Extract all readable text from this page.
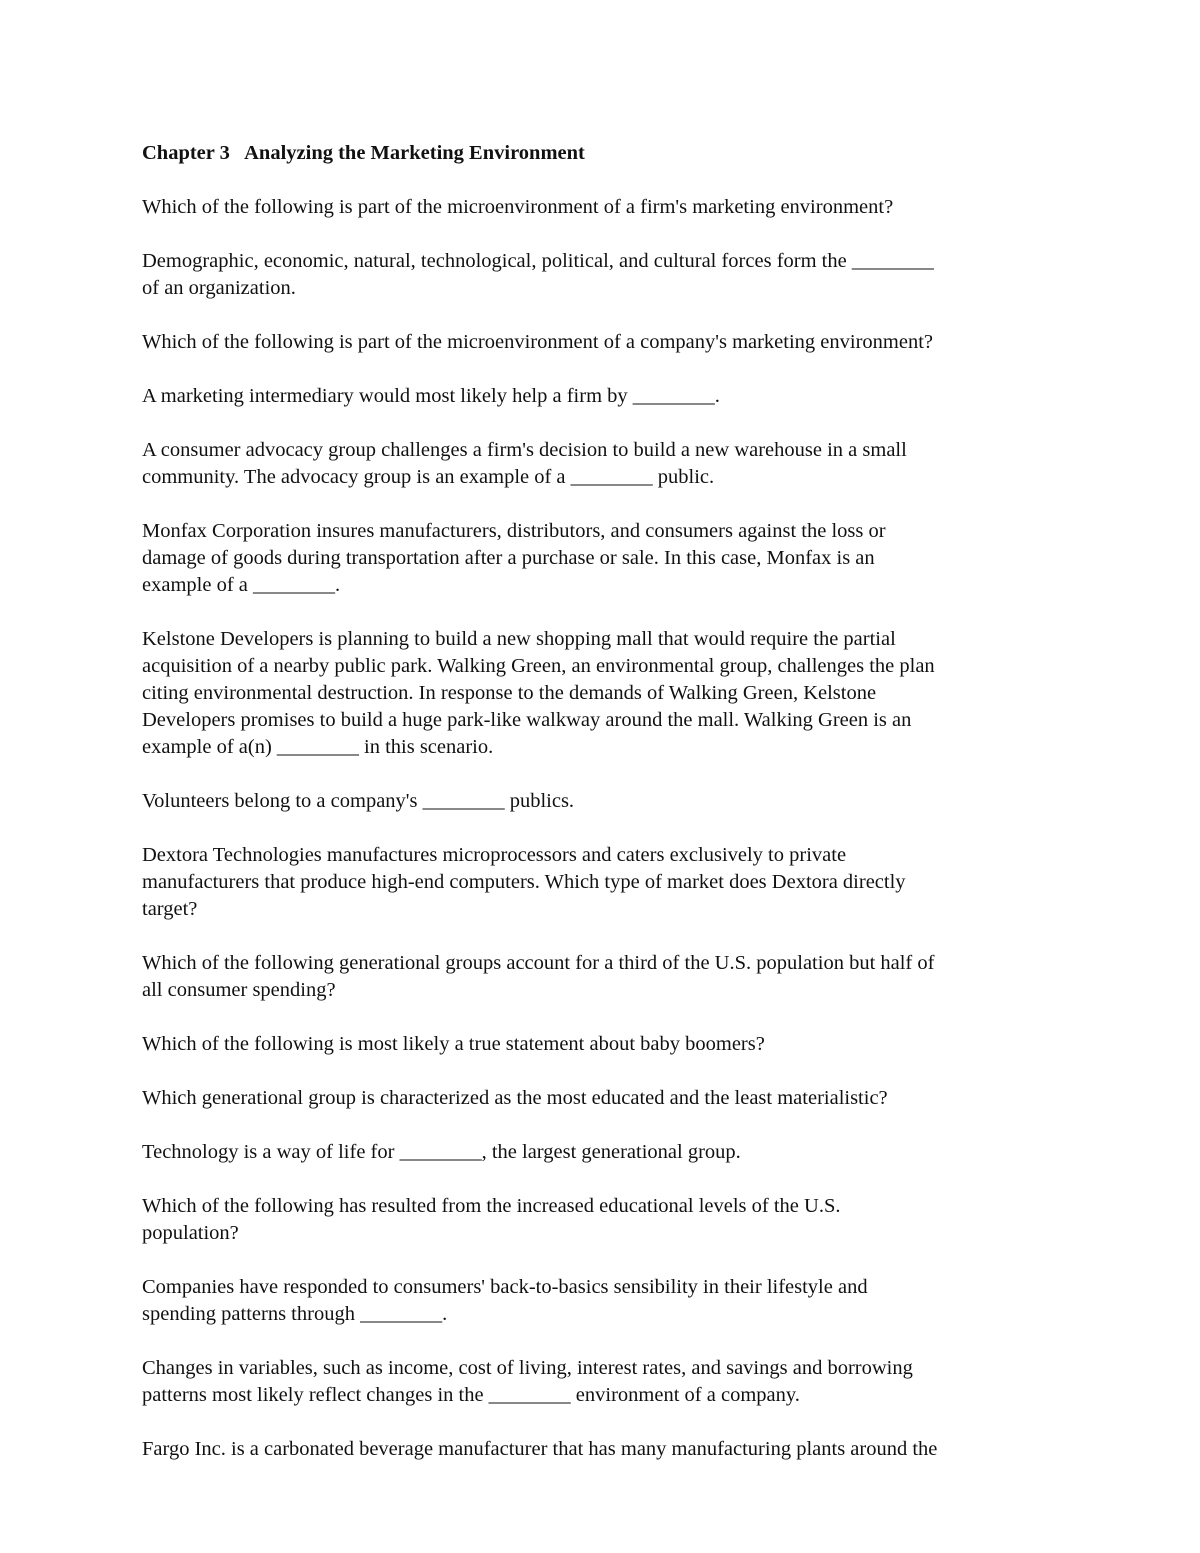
Chapter 3   Analyzing the Marketing Environment
Which of the following is part of the microenvironment of a firm's marketing environment?
Demographic, economic, natural, technological, political, and cultural forces form the ________
of an organization.
Which of the following is part of the microenvironment of a company's marketing environment?
A marketing intermediary would most likely help a firm by ________.
A consumer advocacy group challenges a firm's decision to build a new warehouse in a small
community. The advocacy group is an example of a ________ public.
Monfax Corporation insures manufacturers, distributors, and consumers against the loss or
damage of goods during transportation after a purchase or sale. In this case, Monfax is an
example of a ________.
Kelstone Developers is planning to build a new shopping mall that would require the partial
acquisition of a nearby public park. Walking Green, an environmental group, challenges the plan
citing environmental destruction. In response to the demands of Walking Green, Kelstone
Developers promises to build a huge park-like walkway around the mall. Walking Green is an
example of a(n) ________ in this scenario.
Volunteers belong to a company's ________ publics.
Dextora Technologies manufactures microprocessors and caters exclusively to private
manufacturers that produce high-end computers. Which type of market does Dextora directly
target?
Which of the following generational groups account for a third of the U.S. population but half of
all consumer spending?
Which of the following is most likely a true statement about baby boomers?
Which generational group is characterized as the most educated and the least materialistic?
Technology is a way of life for ________, the largest generational group.
Which of the following has resulted from the increased educational levels of the U.S.
population?
Companies have responded to consumers' back-to-basics sensibility in their lifestyle and
spending patterns through ________.
Changes in variables, such as income, cost of living, interest rates, and savings and borrowing
patterns most likely reflect changes in the ________ environment of a company.
Fargo Inc. is a carbonated beverage manufacturer that has many manufacturing plants around the
